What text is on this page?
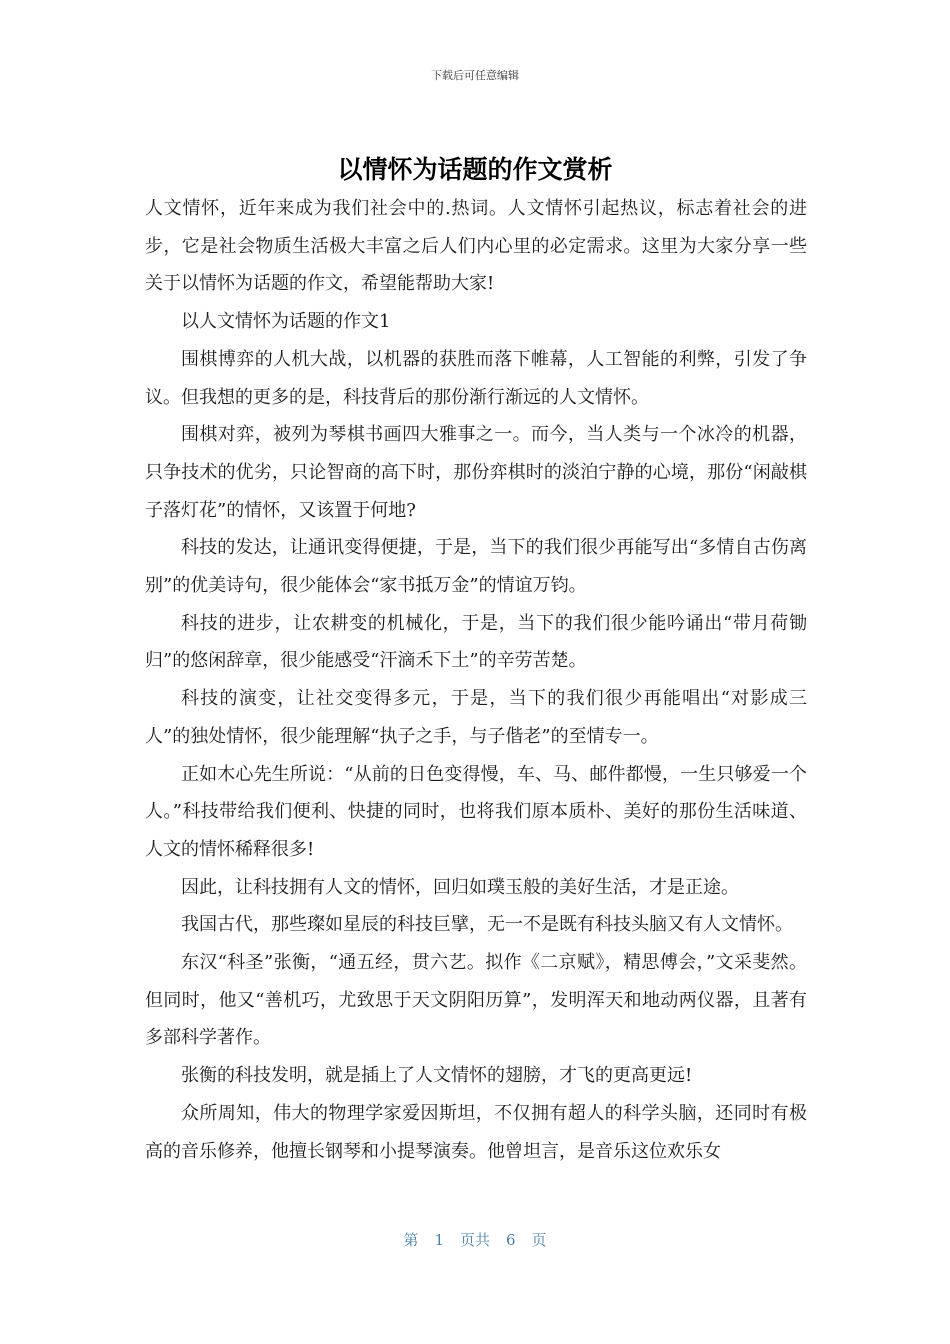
下载后可任意编辑
以情怀为话题的作文赏析

人文情怀，近年来成为我们社会中的.热词。人文情怀引起热议，标志着社会的进步，它是社会物质生活极大丰富之后人们内心里的必定需求。这里为大家分享一些关于以情怀为话题的作文，希望能帮助大家!

以人文情怀为话题的作文1

围棋博弈的人机大战，以机器的获胜而落下帷幕，人工智能的利弊，引发了争议。但我想的更多的是，科技背后的那份渐行渐远的人文情怀。

围棋对弈，被列为琴棋书画四大雅事之一。而今，当人类与一个冰冷的机器，只争技术的优劣，只论智商的高下时，那份弈棋时的淡泊宁静的心境，那份“闲敲棋子落灯花”的情怀，又该置于何地?

科技的发达，让通讯变得便捷，于是，当下的我们很少再能写出“多情自古伤离别”的优美诗句，很少能体会“家书抵万金”的情谊万钧。

科技的进步，让农耕变的机械化，于是，当下的我们很少能吟诵出“带月荷锄归”的悠闲辞章，很少能感受“汗滴禾下土”的辛劳苦楚。

科技的演变，让社交变得多元，于是，当下的我们很少再能唱出“对影成三人”的独处情怀，很少能理解“执子之手，与子偕老”的至情专一。

正如木心先生所说：“从前的日色变得慢，车、马、邮件都慢，一生只够爱一个人。”科技带给我们便利、快捷的同时，也将我们原本质朴、美好的那份生活味道、人文的情怀稀释很多!

因此，让科技拥有人文的情怀，回归如璞玉般的美好生活，才是正途。

我国古代，那些璨如星辰的科技巨擘，无一不是既有科技头脑又有人文情怀。

东汉“科圣”张衡，“通五经，贯六艺。拟作《二京赋》，精思傅会，”文采斐然。但同时，他又“善机巧，尤致思于天文阴阳历算”，发明浑天和地动两仪器，且著有多部科学著作。

张衡的科技发明，就是插上了人文情怀的翅膀，才飞的更高更远!

众所周知，伟大的物理学家爱因斯坦，不仅拥有超人的科学头脑，还同时有极高的音乐修养，他擅长钢琴和小提琴演奏。他曾坦言，是音乐这位欢乐女

第 1 页共 6 页
